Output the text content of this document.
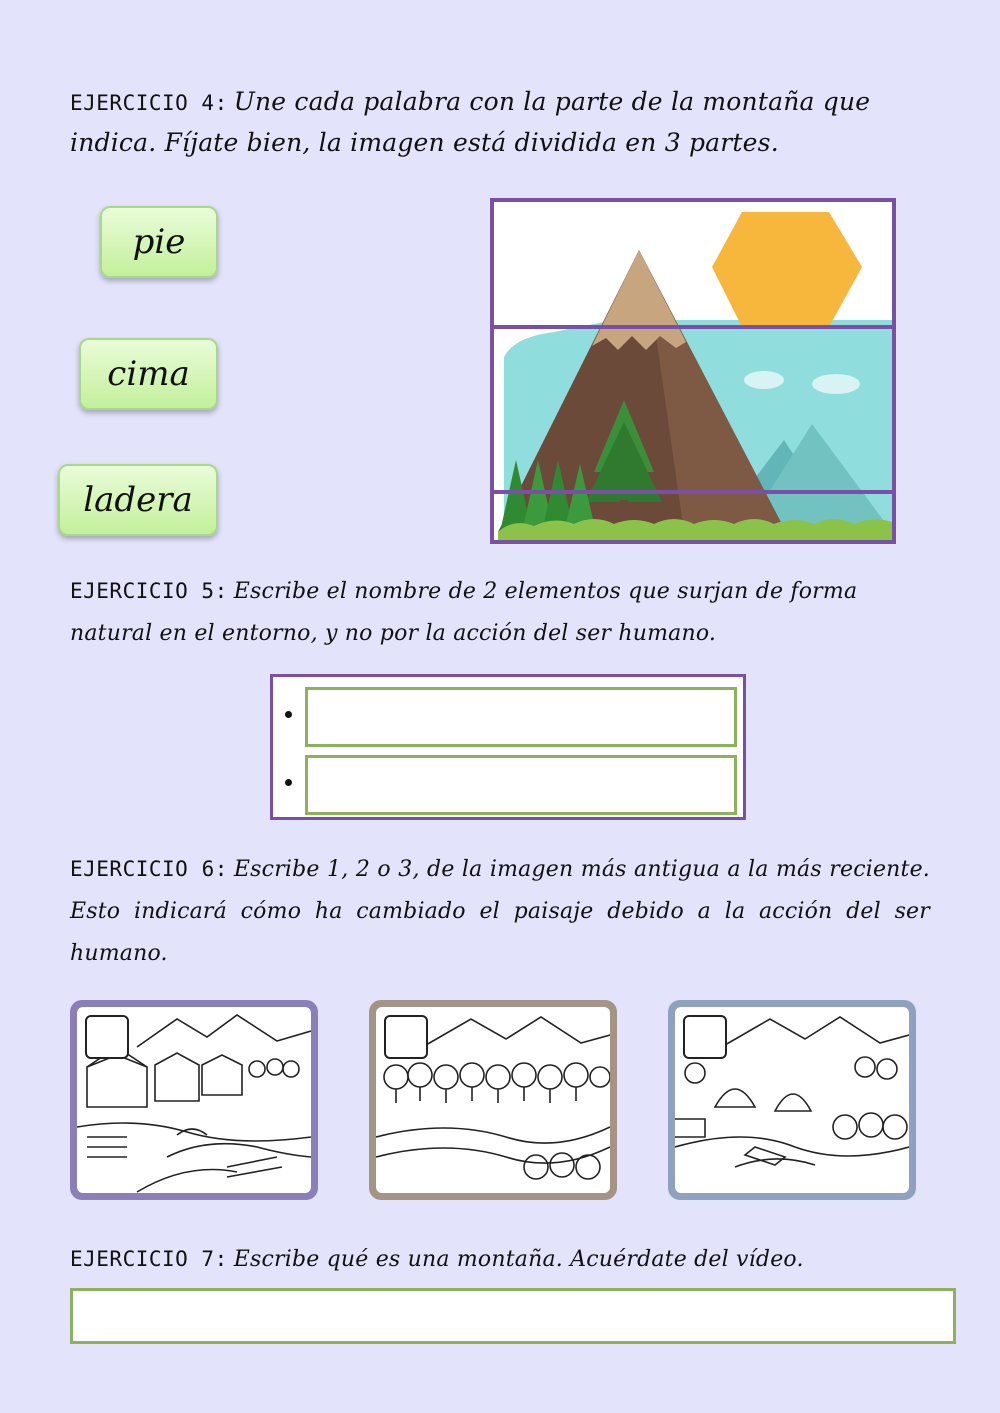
EJERCICIO 4: Une cada palabra con la parte de la montaña que indica. Fíjate bien, la imagen está dividida en 3 partes.
pie
cima
ladera
EJERCICIO 5: Escribe el nombre de 2 elementos que surjan de forma natural en el entorno, y no por la acción del ser humano.
EJERCICIO 6: Escribe 1, 2 o 3, de la imagen más antigua a la más reciente. Esto indicará cómo ha cambiado el paisaje debido a la acción del ser humano.
EJERCICIO 7: Escribe qué es una montaña. Acuérdate del vídeo.
